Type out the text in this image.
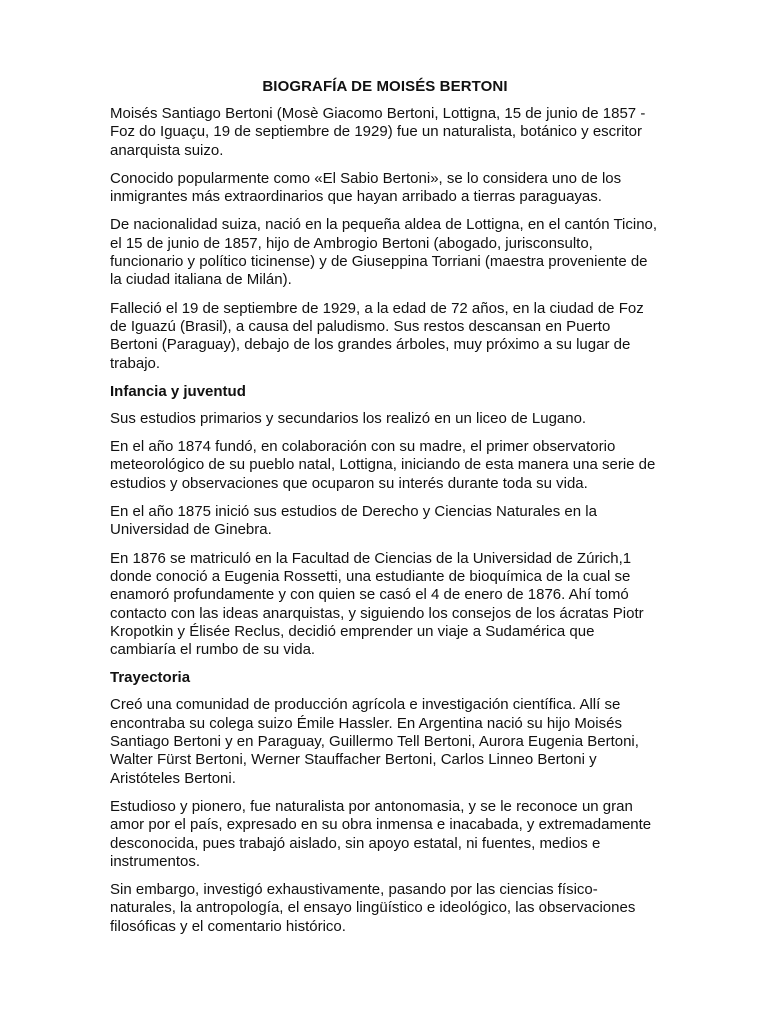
BIOGRAFÍA DE MOISÉS BERTONI

Moisés Santiago Bertoni (Mosè Giacomo Bertoni, Lottigna, 15 de junio de 1857 - Foz do Iguaçu, 19 de septiembre de 1929) fue un naturalista, botánico y escritor anarquista suizo.

Conocido popularmente como «El Sabio Bertoni», se lo considera uno de los inmigrantes más extraordinarios que hayan arribado a tierras paraguayas.

De nacionalidad suiza, nació en la pequeña aldea de Lottigna, en el cantón Ticino, el 15 de junio de 1857, hijo de Ambrogio Bertoni (abogado, jurisconsulto, funcionario y político ticinense) y de Giuseppina Torriani (maestra proveniente de la ciudad italiana de Milán).

Falleció el 19 de septiembre de 1929, a la edad de 72 años, en la ciudad de Foz de Iguazú (Brasil), a causa del paludismo. Sus restos descansan en Puerto Bertoni (Paraguay), debajo de los grandes árboles, muy próximo a su lugar de trabajo.

Infancia y juventud

Sus estudios primarios y secundarios los realizó en un liceo de Lugano.

En el año 1874 fundó, en colaboración con su madre, el primer observatorio meteorológico de su pueblo natal, Lottigna, iniciando de esta manera una serie de estudios y observaciones que ocuparon su interés durante toda su vida.

En el año 1875 inició sus estudios de Derecho y Ciencias Naturales en la Universidad de Ginebra.

En 1876 se matriculó en la Facultad de Ciencias de la Universidad de Zúrich,1 donde conoció a Eugenia Rossetti, una estudiante de bioquímica de la cual se enamoró profundamente y con quien se casó el 4 de enero de 1876. Ahí tomó contacto con las ideas anarquistas, y siguiendo los consejos de los ácratas Piotr Kropotkin y Élisée Reclus, decidió emprender un viaje a Sudamérica que cambiaría el rumbo de su vida.

Trayectoria

Creó una comunidad de producción agrícola e investigación científica. Allí se encontraba su colega suizo Émile Hassler. En Argentina nació su hijo Moisés Santiago Bertoni y en Paraguay, Guillermo Tell Bertoni, Aurora Eugenia Bertoni, Walter Fürst Bertoni, Werner Stauffacher Bertoni, Carlos Linneo Bertoni y Aristóteles Bertoni.

Estudioso y pionero, fue naturalista por antonomasia, y se le reconoce un gran amor por el país, expresado en su obra inmensa e inacabada, y extremadamente desconocida, pues trabajó aislado, sin apoyo estatal, ni fuentes, medios e instrumentos.

Sin embargo, investigó exhaustivamente, pasando por las ciencias físico-naturales, la antropología, el ensayo lingüístico e ideológico, las observaciones filosóficas y el comentario histórico.
